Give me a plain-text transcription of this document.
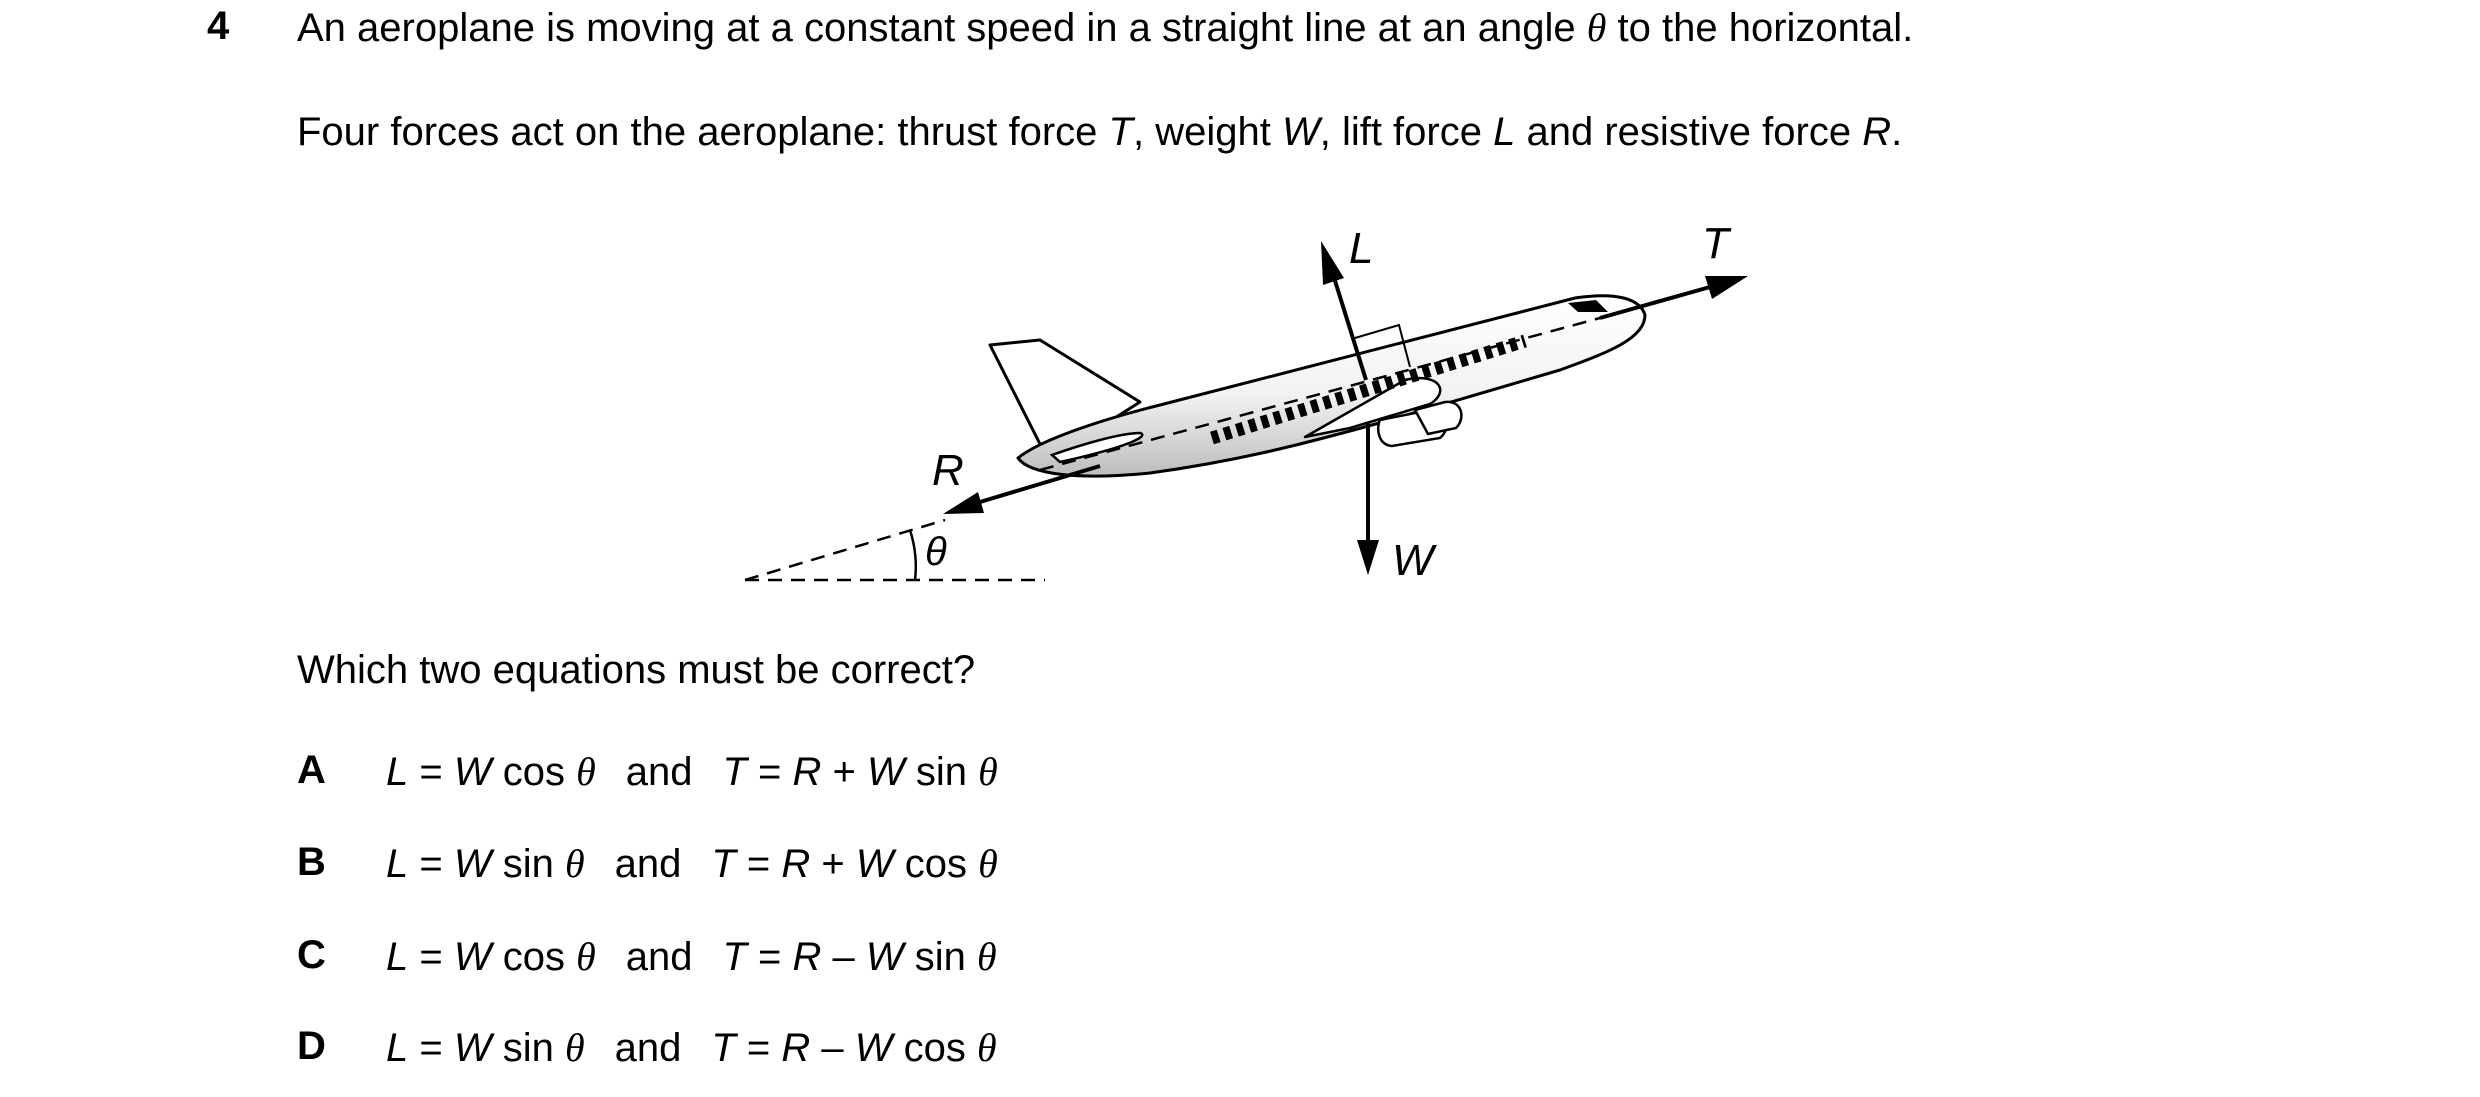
4 An aeroplane is moving at a constant speed in a straight line at an angle θ to the horizontal.
Four forces act on the aeroplane: thrust force T, weight W, lift force L and resistive force R.
θ
L	T
R
W
Which two equations must be correct?
A L = W cos θ and T = R + W sin θ
B L = W sin θ and T = R + W cos θ
C L = W cos θ and T = R – W sin θ
D L = W sin θ and T = R – W cos θ
